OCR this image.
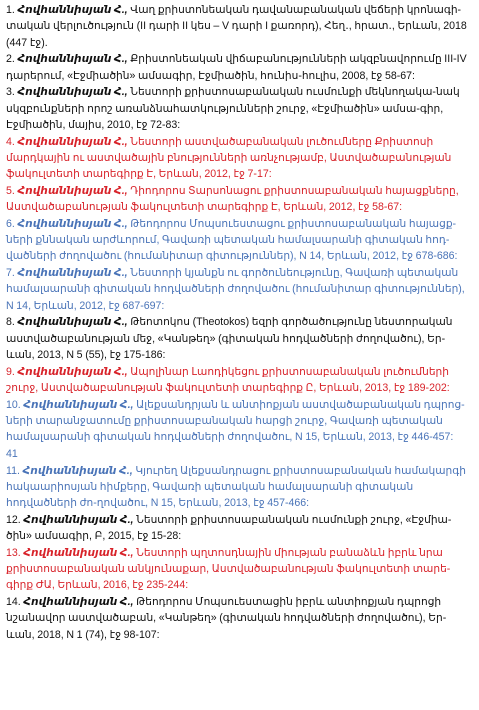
1. Հովհաննիսյան Հ., Վաղ քրիստոնեական դավանաբանական վեճերի կրոնագի-տական վերլուծություն (II դարի II կես – V դարի I քառորդ), Հեղ․, հրատ․, Երևան, 2018 (447 էջ).
2. Հովհաննիսյան Հ., Քրիստոնեական վիճաբանությունների ակզբնավորումը III-IV դարերում, «Էջմիածին» ամսագիր, Էջմիածին, հունիս-հուլիս, 2008, էջ 58-67:
3. Հովհաննիսյան Հ., Նեստորի քրիստոսաբանական ուսմունքի մեկնողակա-նակ սկզբունքների որոշ առանձնահատկությունների շուրջ, «Էջմիածին» ամսա-գիր, Էջմիածին, մայիս, 2010, էջ 72-83:
4. Հովհաննիսյան Հ., Նեստորի աստվածաբանական լուծումները Քրիստոսի մարդկային ու աստվածային բնությունների առնչությամբ, Աստվածաբանության ֆակուլտետի տարեգիրք Է, Երևան, 2012, էջ 7-17:
5. Հովհաննիսյան Հ., Դիոդորոս Տարսոնացու քրիստոսաբանական հայացքները, Աստվածաբանության ֆակուլտետի տարեգիրք Է, Երևան, 2012, էջ 58-67:
6. Հովհաննիսյան Հ., Թեոդորոս Մոպսուեստացու քրիստոսաբանական հայացք-ների քննական արժևորում, Գավառի պետական համալսարանի գիտական հոդ-վածների ժողովածու (հումանիտար գիտություններ), N 14, Երևան, 2012, էջ 678-686:
7. Հովհաննիսյան Հ., Նեստորի կյանքն ու գործունեությունը, Գավառի պետական համալսարանի գիտական հոդվածների ժողովածու (հումանիտար գիտություններ), N 14, Երևան, 2012, էջ 687-697:
8. Հովհաննիսյան Հ., Թեոտոկոս (Theotokos) եզրի գործածությունը նեստորական աստվածաբանության մեջ, «Կանթեղ» (գիտական հոդվածների ժողովածու), Եր-ևան, 2013, N 5 (55), էջ 175-186:
9. Հովհաննիսյան Հ., Ապոլինար Լաոդիկեցու քրիստոսաբանական լուծումների շուրջ, Աստվածաբանության ֆակուլտետի տարեգիրք Ը, Երևան, 2013, էջ 189-202:
10. Հովհաննիսյան Հ., Ալեքսանդրյան և անտիոքյան աստվածաբանական դպրոց-ների տարանջատումը քրիստոսաբանական հարցի շուրջ, Գավառի պետական համալսարանի գիտական հոդվածների ժողովածու, N 15, Երևան, 2013, էջ 446-457:
41
11. Հովհաննիսյան Հ., Կյուրեղ Ալեքսանդրացու քրիստոսաբանական համակարգի հակաարիոսյան հիմքերը, Գավառի պետական համալսարանի գիտական հոդվածների ժո-ղովածու, N 15, Երևան, 2013, էջ 457-466:
12. Հովհաննիսյան Հ., Նեստորի քրիստոսաբանական ուսմունքի շուրջ, «Էջմիա-ծին» ամսագիր, Բ, 2015, էջ 15-28:
13. Հովհաննիսյան Հ., Նեստորի պղտոսդնային միության բանաձևն իբրև նրա քրիստոսաբանական անկյունաքար, Աստվածաբանության ֆակուլտետի տարե-գիրք ԺԱ, Երևան, 2016, էջ 235-244:
14. Հովհաննիսյան Հ., Թեոդորոս Մոպսուեստացին իբրև անտիոքյան դպրոցի նշանավոր աստվածաբան, «Կանթեղ» (գիտական հոդվածների ժողովածու), Եր-ևան, 2018, N 1 (74), էջ 98-107:
